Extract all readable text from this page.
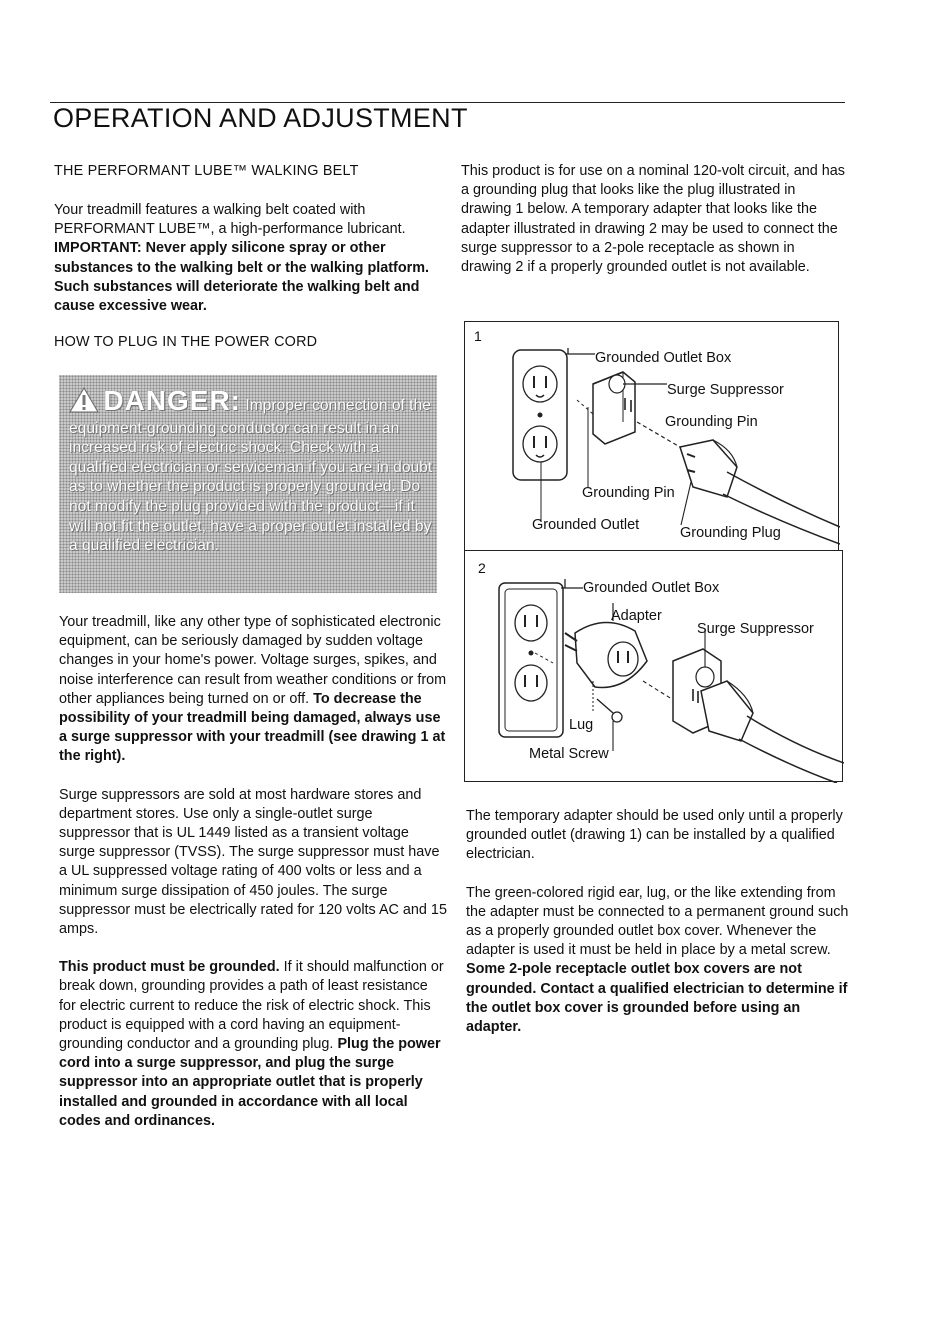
OPERATION AND ADJUSTMENT
THE PERFORMANT LUBE™ WALKING BELT

Your treadmill features a walking belt coated with PERFORMANT LUBE™, a high-performance lubricant. IMPORTANT: Never apply silicone spray or other substances to the walking belt or the walking platform. Such substances will deteriorate the walking belt and cause excessive wear.

HOW TO PLUG IN THE POWER CORD
DANGER: Improper connection of the equipment-grounding conductor can result in an increased risk of electric shock. Check with a qualified electrician or serviceman if you are in doubt as to whether the product is properly grounded. Do not modify the plug provided with the product—if it will not fit the outlet, have a proper outlet installed by a qualified electrician.

Your treadmill, like any other type of sophisticated electronic equipment, can be seriously damaged by sudden voltage changes in your home's power. Voltage surges, spikes, and noise interference can result from weather conditions or from other appliances being turned on or off. To decrease the possibility of your treadmill being damaged, always use a surge suppressor with your treadmill (see drawing 1 at the right).

Surge suppressors are sold at most hardware stores and department stores. Use only a single-outlet surge suppressor that is UL 1449 listed as a transient voltage surge suppressor (TVSS). The surge suppressor must have a UL suppressed voltage rating of 400 volts or less and a minimum surge dissipation of 450 joules. The surge suppressor must be electrically rated for 120 volts AC and 15 amps.

This product must be grounded. If it should malfunction or break down, grounding provides a path of least resistance for electric current to reduce the risk of electric shock. This product is equipped with a cord having an equipment-grounding conductor and a grounding plug. Plug the power cord into a surge suppressor, and plug the surge suppressor into an appropriate outlet that is properly installed and grounded in accordance with all local codes and ordinances.

This product is for use on a nominal 120-volt circuit, and has a grounding plug that looks like the plug illustrated in drawing 1 below. A temporary adapter that looks like the adapter illustrated in drawing 2 may be used to connect the surge suppressor to a 2-pole receptacle as shown in drawing 2 if a properly grounded outlet is not available.

1
Grounded Outlet Box
Surge Suppressor
Grounding Pin
Grounding Pin
Grounded Outlet	Grounding Plug
2
Grounded Outlet Box
Adapter
Surge Suppressor
Lug
Metal Screw

The temporary adapter should be used only until a properly grounded outlet (drawing 1) can be installed by a qualified electrician.

The green-colored rigid ear, lug, or the like extending from the adapter must be connected to a permanent ground such as a properly grounded outlet box cover. Whenever the adapter is used it must be held in place by a metal screw. Some 2-pole receptacle outlet box covers are not grounded. Contact a qualified electrician to determine if the outlet box cover is grounded before using an adapter.
